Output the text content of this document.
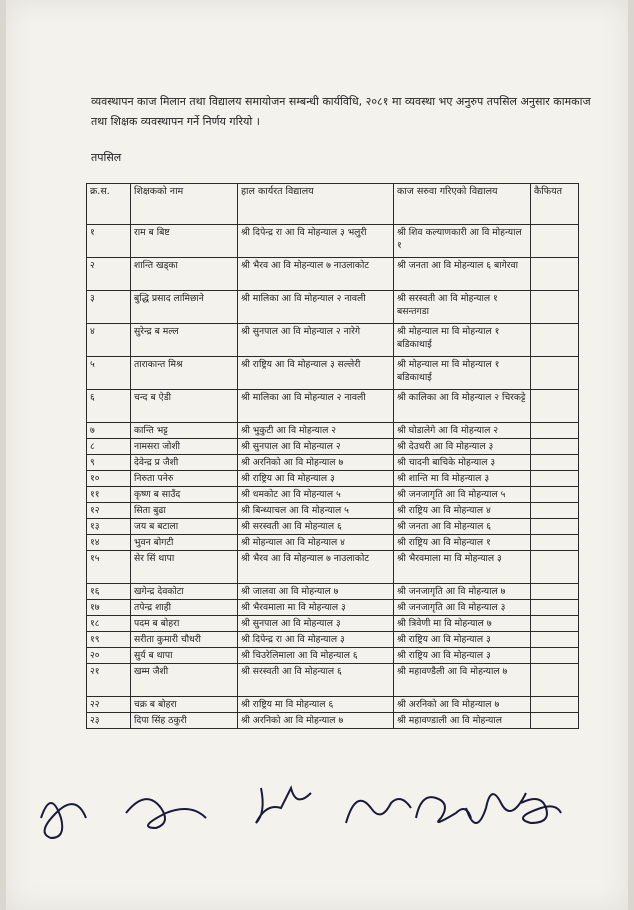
व्यवस्थापन काज मिलान तथा विद्यालय समायोजन सम्बन्धी कार्यविधि, २०८१ मा व्यवस्था भए अनुरुप तपसिल अनुसार कामकाज तथा शिक्षक व्यवस्थापन गर्ने निर्णय गरियो ।
तपसिल
क्र.स.	शिक्षकको नाम	हाल कार्यरत विद्यालय	काज सरुवा गरिएको विद्यालय	कैफियत
१	राम ब बिष्ट	श्री दिपेन्द्र रा आ वि मोहन्याल ३ भलुरी	श्री शिव कल्याणकारी आ वि मोहन्याल १	
२	शान्ति खड्का	श्री भैरव आ वि मोहन्याल ७ नाउलाकोट	श्री जनता आ वि मोहन्याल ६ बागेरवा	
३	बुद्धि प्रसाद लामिछाने	श्री मालिका आ वि मोहन्याल २ नावली	श्री सरस्वती आ वि मोहन्याल १ बसन्तगडा	
४	सुरेन्द्र ब मल्ल	श्री सुनपाल आ वि मोहन्याल २ नारेगे	श्री मोहन्याल मा वि मोहन्याल १ बडिकाथाई	
५	ताराकान्त मिश्र	श्री राष्ट्रिय आ वि मोहन्याल ३ सल्लेरी	श्री मोहन्याल मा वि मोहन्याल १ बडिकाथाई	
६	चन्द ब ऐडी	श्री मालिका आ वि मोहन्याल २ नावली	श्री कालिका आ वि मोहन्याल २ चिरकट्टे	
७	कान्ति भट्ट	श्री भुकुटी आ वि मोहन्याल २	श्री घोडालेगे आ वि मोहन्याल २	
८	नामसरा जोशी	श्री सुनपाल आ वि मोहन्याल २	श्री देउधरी आ वि मोहन्याल ३	
९	देवेन्द्र प्र जैशी	श्री अरनिको आ वि मोहन्याल ७	श्री चादनी बाचिके मोहन्याल ३	
१०	निरुता पनेरु	श्री राष्ट्रिय आ वि मोहन्याल ३	श्री शान्ति मा वि मोहन्याल ३	
११	कृष्ण ब साउँद	श्री धमकोट आ वि मोहन्याल ५	श्री जनजागृति आ वि मोहन्याल ५	
१२	सिता बुढा	श्री बिन्ध्याचल आ वि मोहन्याल ५	श्री राष्ट्रिय आ वि मोहन्याल ४	
१३	जय ब बटाला	श्री सरस्वती आ वि मोहन्याल ६	श्री जनता आ वि मोहन्याल ६	
१४	भुवन बोगटी	श्री मोहन्याल आ वि मोहन्याल ४	श्री राष्ट्रिय आ वि मोहन्याल १	
१५	सेर सिं थापा	श्री भैरव आ वि मोहन्याल ७ नाउलाकोट	श्री भैरवमाला मा वि मोहन्याल ३	
१६	खगेन्द्र देवकोटा	श्री जालवा आ वि मोहन्याल ७	श्री जनजागृति आ वि मोहन्याल ७	
१७	तपेन्द्र शाही	श्री भैरवमाला मा वि मोहन्याल ३	श्री जनजागृति आ वि मोहन्याल ३	
१८	पदम ब बोहरा	श्री सुनपाल आ वि मोहन्याल ३	श्री त्रिवेणी मा वि मोहन्याल ७	
१९	सरीता कुमारी चौधरी	श्री दिपेन्द्र रा आ वि मोहन्याल ३	श्री राष्ट्रिय आ वि मोहन्याल ३	
२०	सुर्य ब थापा	श्री चिउरेलिमाला आ वि मोहन्याल ६	श्री राष्ट्रिय आ वि मोहन्याल ३	
२१	खम्म जैशी	श्री सरस्वती आ वि मोहन्याल ६	श्री महावण्डैली आ वि मोहन्याल ७	
२२	चक्र ब बोहरा	श्री राष्ट्रिय मा वि मोहन्याल ६	श्री अरनिको आ वि मोहन्याल ७	
२३	दिपा सिंह ठकुरी	श्री अरनिको आ वि मोहन्याल ७	श्री महावण्डाली आ वि मोहन्याल	
